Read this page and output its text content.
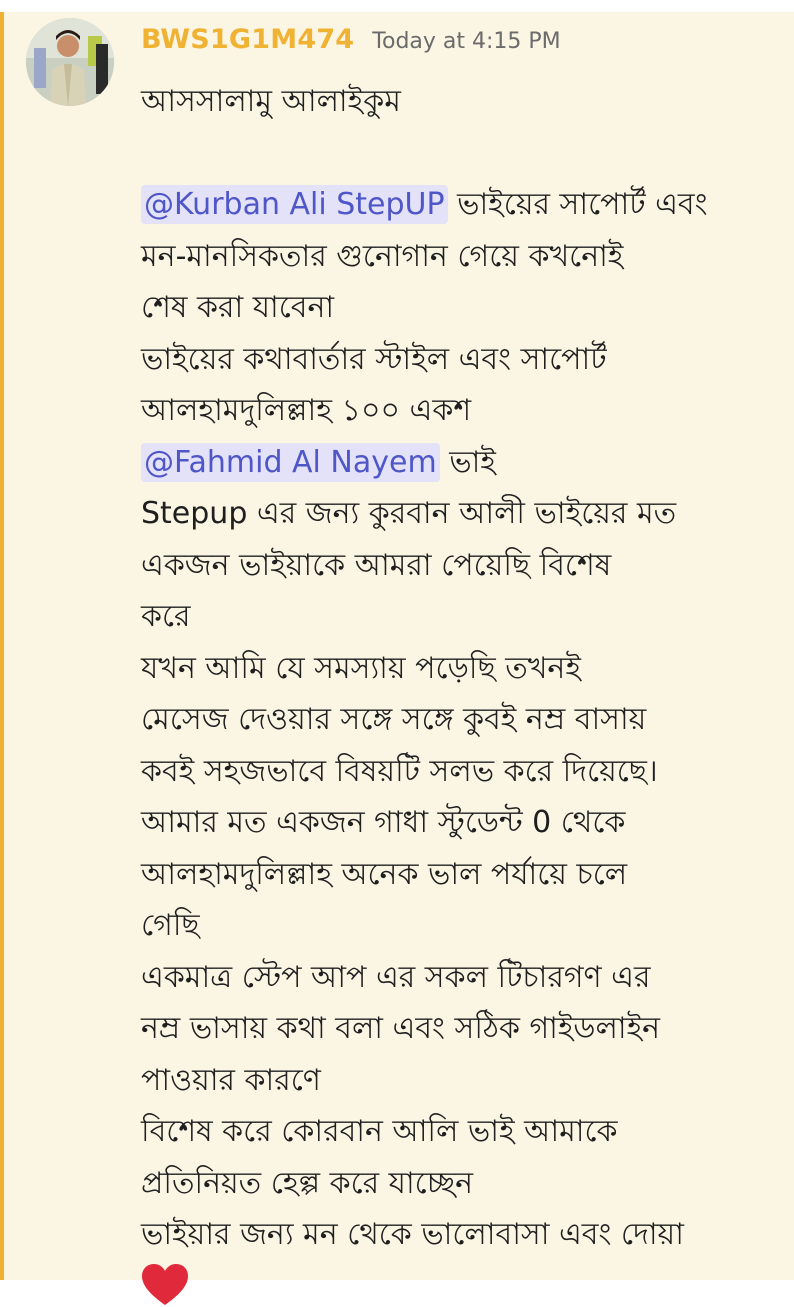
BWS1G1M474 Today at 4:15 PM
আসসালামু আলাইকুম
@Kurban Ali StepUP ভাইয়ের সাপোর্ট এবং
মন-মানসিকতার গুনোগান গেয়ে কখনোই
শেষ করা যাবেনা
ভাইয়ের কথাবার্তার স্টাইল এবং সাপোর্ট
আলহামদুলিল্লাহ ১০০ একশ
@Fahmid Al Nayem ভাই
Stepup এর জন্য কুরবান আলী ভাইয়ের মত
একজন ভাইয়াকে আমরা পেয়েছি বিশেষ
করে
যখন আমি যে সমস্যায় পড়েছি তখনই
মেসেজ দেওয়ার সঙ্গে সঙ্গে কুবই নম্র বাসায়
কবই সহজভাবে বিষয়টি সলভ করে দিয়েছে।
আমার মত একজন গাধা স্টুডেন্ট 0 থেকে
আলহামদুলিল্লাহ অনেক ভাল পর্যায়ে চলে
গেছি
একমাত্র স্টেপ আপ এর সকল টিচারগণ এর
নম্র ভাসায় কথা বলা এবং সঠিক গাইডলাইন
পাওয়ার কারণে
বিশেষ করে কোরবান আলি ভাই আমাকে
প্রতিনিয়ত হেল্প করে যাচ্ছেন
ভাইয়ার জন্য মন থেকে ভালোবাসা এবং দোয়া
